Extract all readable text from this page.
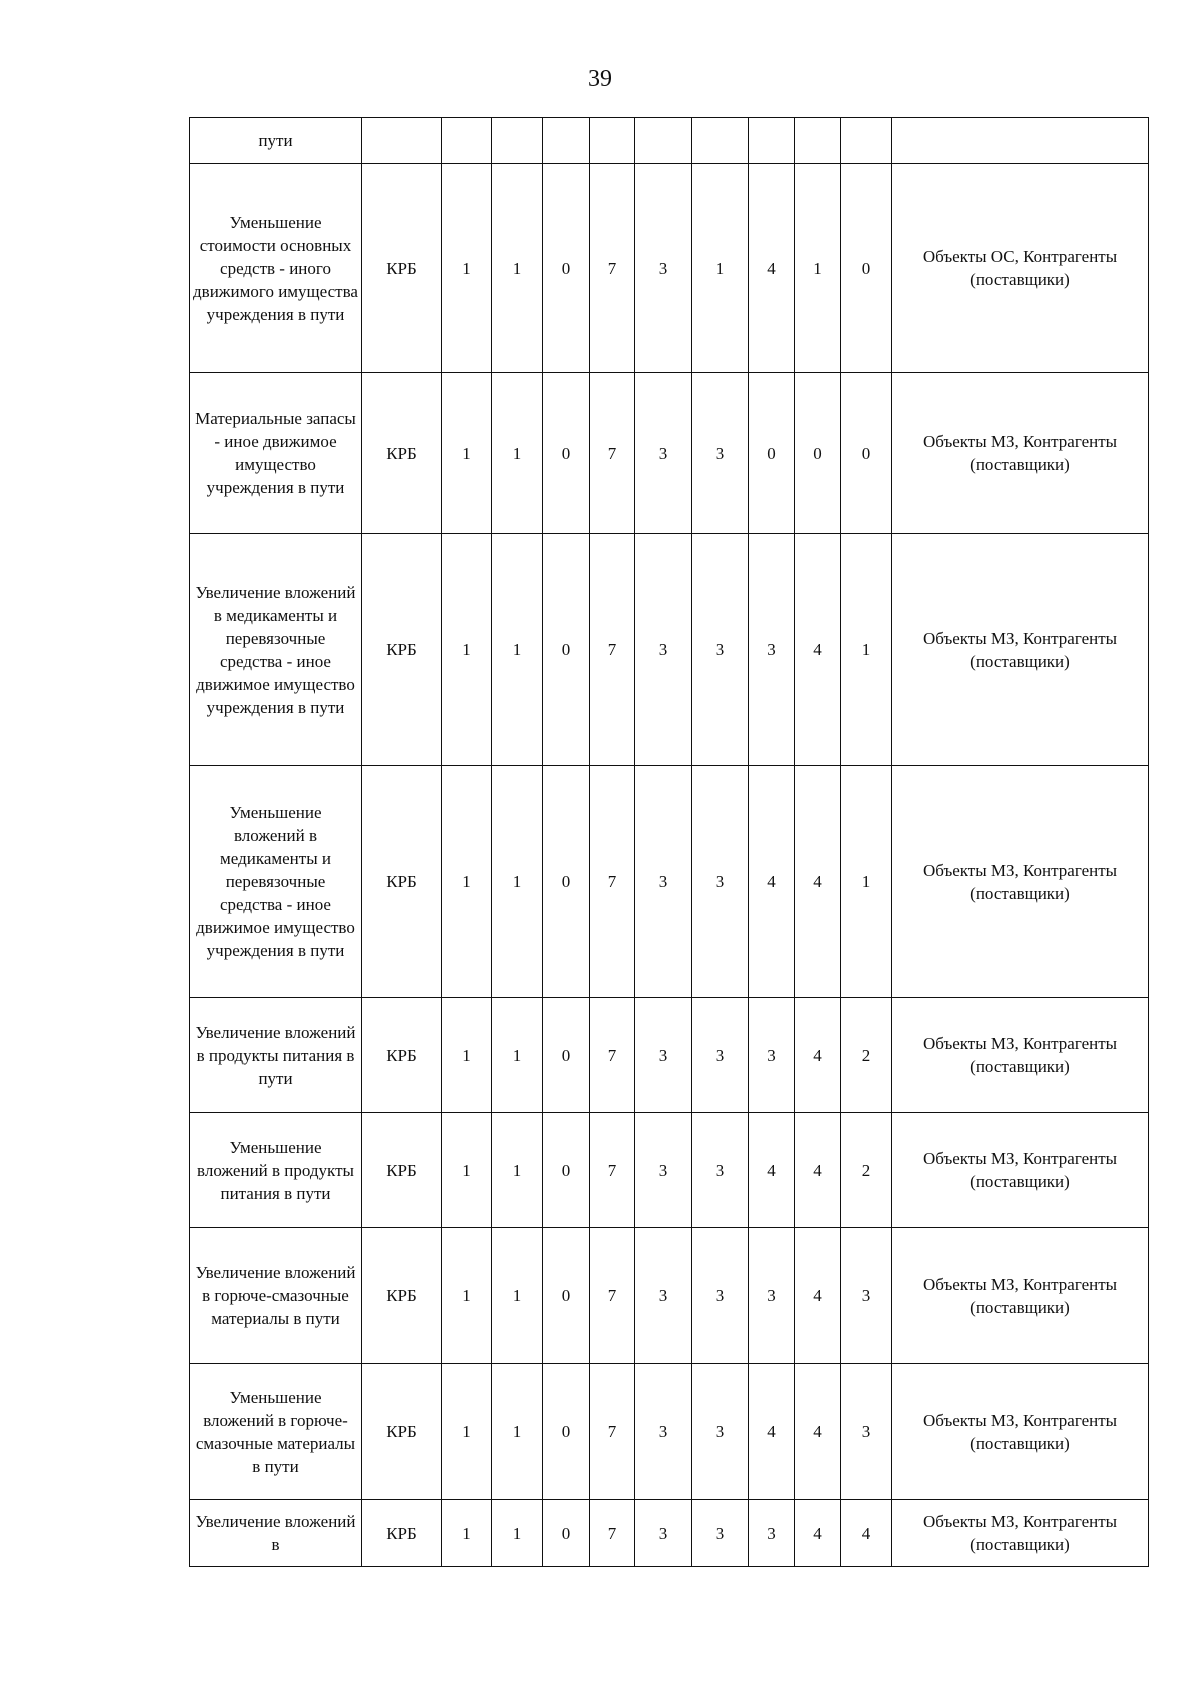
39
пути											
Уменьшение стоимости основных средств - иного движимого имущества учреждения в пути	КРБ	1	1	0	7	3	1	4	1	0	Объекты ОС, Контрагенты (поставщики)
Материальные запасы - иное движимое имущество учреждения в пути	КРБ	1	1	0	7	3	3	0	0	0	Объекты МЗ, Контрагенты (поставщики)
Увеличение вложений в медикаменты и перевязочные средства - иное движимое имущество учреждения в пути	КРБ	1	1	0	7	3	3	3	4	1	Объекты МЗ, Контрагенты (поставщики)
Уменьшение вложений в медикаменты и перевязочные средства - иное движимое имущество учреждения в пути	КРБ	1	1	0	7	3	3	4	4	1	Объекты МЗ, Контрагенты (поставщики)
Увеличение вложений в продукты питания в пути	КРБ	1	1	0	7	3	3	3	4	2	Объекты МЗ, Контрагенты (поставщики)
Уменьшение вложений в продукты питания в пути	КРБ	1	1	0	7	3	3	4	4	2	Объекты МЗ, Контрагенты (поставщики)
Увеличение вложений в горюче-смазочные материалы в пути	КРБ	1	1	0	7	3	3	3	4	3	Объекты МЗ, Контрагенты (поставщики)
Уменьшение вложений в горюче-смазочные материалы в пути	КРБ	1	1	0	7	3	3	4	4	3	Объекты МЗ, Контрагенты (поставщики)
Увеличение вложений в	КРБ	1	1	0	7	3	3	3	4	4	Объекты МЗ, Контрагенты (поставщики)
